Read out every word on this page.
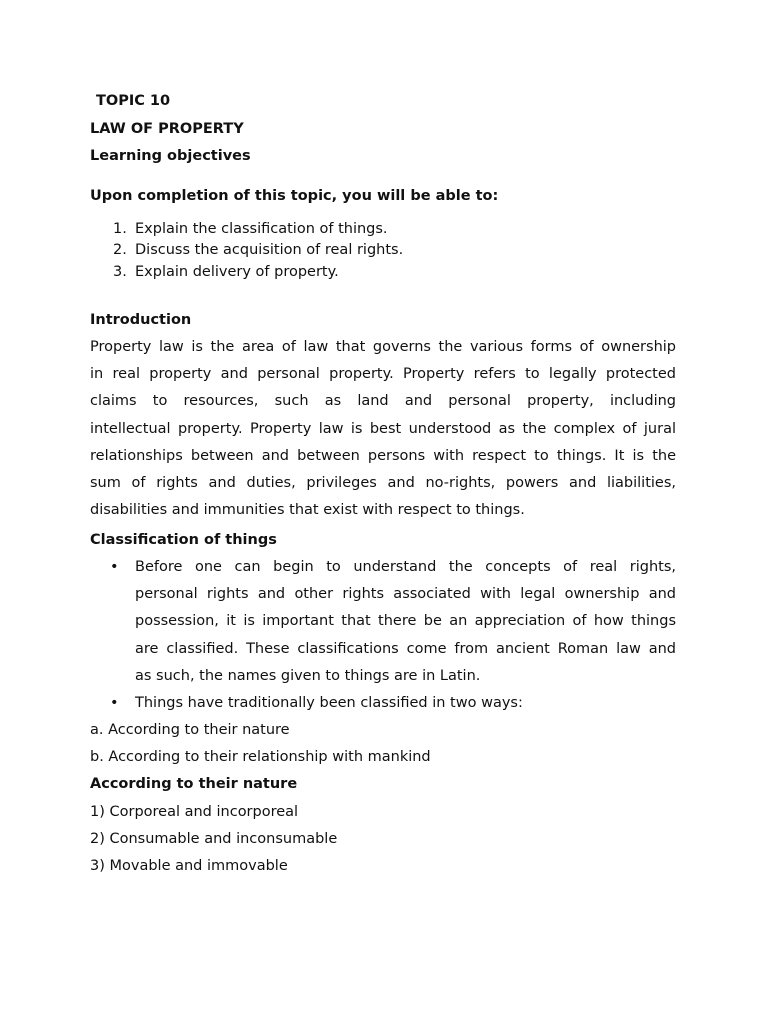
TOPIC 10
LAW OF PROPERTY
Learning objectives
Upon completion of this topic, you will be able to:
1. Explain the classification of things.
2. Discuss the acquisition of real rights.
3. Explain delivery of property.
Introduction
Property law is the area of law that governs the various forms of ownership
in real property and personal property. Property refers to legally protected
claims to resources, such as land and personal property, including
intellectual property. Property law is best understood as the complex of jural
relationships between and between persons with respect to things. It is the
sum of rights and duties, privileges and no-rights, powers and liabilities,
disabilities and immunities that exist with respect to things.
Classification of things
• Before one can begin to understand the concepts of real rights,
personal rights and other rights associated with legal ownership and
possession, it is important that there be an appreciation of how things
are classified. These classifications come from ancient Roman law and
as such, the names given to things are in Latin.
• Things have traditionally been classified in two ways:
a. According to their nature
b. According to their relationship with mankind
According to their nature
1) Corporeal and incorporeal
2) Consumable and inconsumable
3) Movable and immovable
